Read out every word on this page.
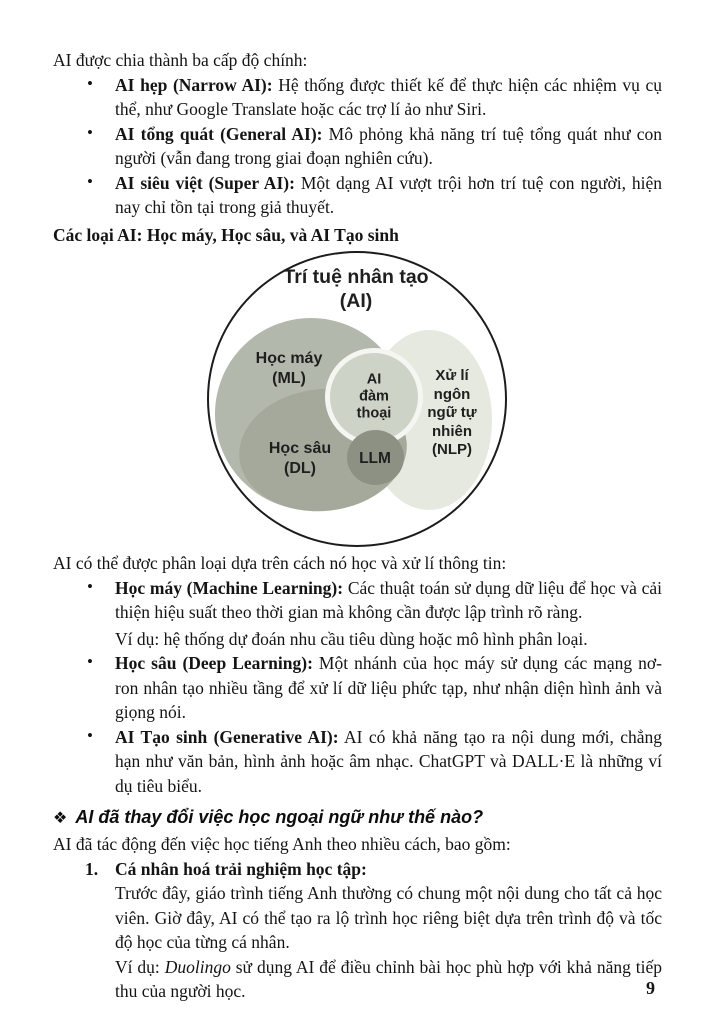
AI được chia thành ba cấp độ chính:

• AI hẹp (Narrow AI): Hệ thống được thiết kế để thực hiện các nhiệm vụ cụ thể, như Google Translate hoặc các trợ lí ảo như Siri.
• AI tổng quát (General AI): Mô phỏng khả năng trí tuệ tổng quát như con người (vẫn đang trong giai đoạn nghiên cứu).
• AI siêu việt (Super AI): Một dạng AI vượt trội hơn trí tuệ con người, hiện nay chỉ tồn tại trong giả thuyết.

Các loại AI: Học máy, Học sâu, và AI Tạo sinh

Trí tuệ nhân tạo
(AI)
Học máy
(ML)
Học sâu
(DL)
AI
đàm
thoại
LLM
Xử lí
ngôn
ngữ tự
nhiên
(NLP)

AI có thể được phân loại dựa trên cách nó học và xử lí thông tin:

• Học máy (Machine Learning): Các thuật toán sử dụng dữ liệu để học và cải thiện hiệu suất theo thời gian mà không cần được lập trình rõ ràng.
Ví dụ: hệ thống dự đoán nhu cầu tiêu dùng hoặc mô hình phân loại.
• Học sâu (Deep Learning): Một nhánh của học máy sử dụng các mạng nơ-ron nhân tạo nhiều tầng để xử lí dữ liệu phức tạp, như nhận diện hình ảnh và giọng nói.
• AI Tạo sinh (Generative AI): AI có khả năng tạo ra nội dung mới, chẳng hạn như văn bản, hình ảnh hoặc âm nhạc. ChatGPT và DALL·E là những ví dụ tiêu biểu.

❖ AI đã thay đổi việc học ngoại ngữ như thế nào?

AI đã tác động đến việc học tiếng Anh theo nhiều cách, bao gồm:

1. Cá nhân hoá trải nghiệm học tập:

Trước đây, giáo trình tiếng Anh thường có chung một nội dung cho tất cả học viên. Giờ đây, AI có thể tạo ra lộ trình học riêng biệt dựa trên trình độ và tốc độ học của từng cá nhân.

Ví dụ: Duolingo sử dụng AI để điều chỉnh bài học phù hợp với khả năng tiếp thu của người học.	9
